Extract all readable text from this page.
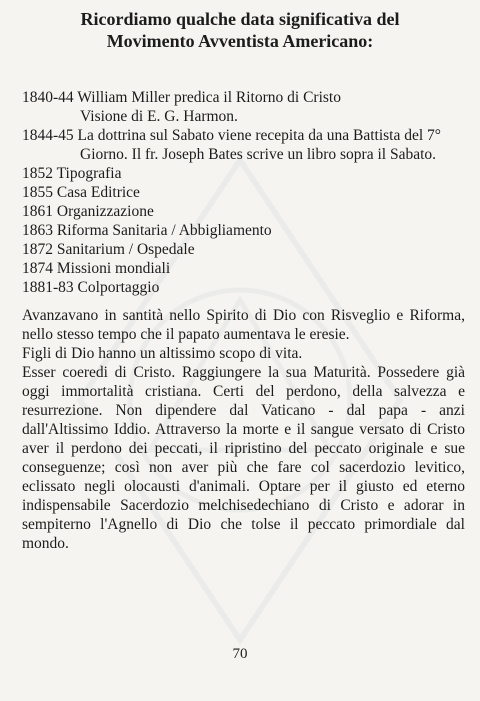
Ricordiamo qualche data significativa del
Movimento Avventista Americano:
1840-44 William Miller predica il Ritorno di Cristo
Visione di E. G. Harmon.
1844-45 La dottrina sul Sabato viene recepita da una Battista del 7°
Giorno. Il fr. Joseph Bates scrive un libro sopra il Sabato.
1852 Tipografia
1855 Casa Editrice
1861 Organizzazione
1863 Riforma Sanitaria / Abbigliamento
1872 Sanitarium / Ospedale
1874 Missioni mondiali
1881-83 Colportaggio

Avanzavano in santità nello Spirito di Dio con Risveglio e Riforma, nello stesso tempo che il papato aumentava le eresie.

Figli di Dio hanno un altissimo scopo di vita.

Esser coeredi di Cristo. Raggiungere la sua Maturità. Possedere già oggi immortalità cristiana. Certi del perdono, della salvezza e resurrezione. Non dipendere dal Vaticano - dal papa - anzi dall'Altissimo Iddio. Attraverso la morte e il sangue versato di Cristo aver il perdono dei peccati, il ripristino del peccato originale e sue conseguenze; così non aver più che fare col sacerdozio levitico, eclissato negli olocausti d'animali. Optare per il giusto ed eterno indispensabile Sacerdozio melchisedechiano di Cristo e adorar in sempiterno l'Agnello di Dio che tolse il peccato primordiale dal mondo.

70
